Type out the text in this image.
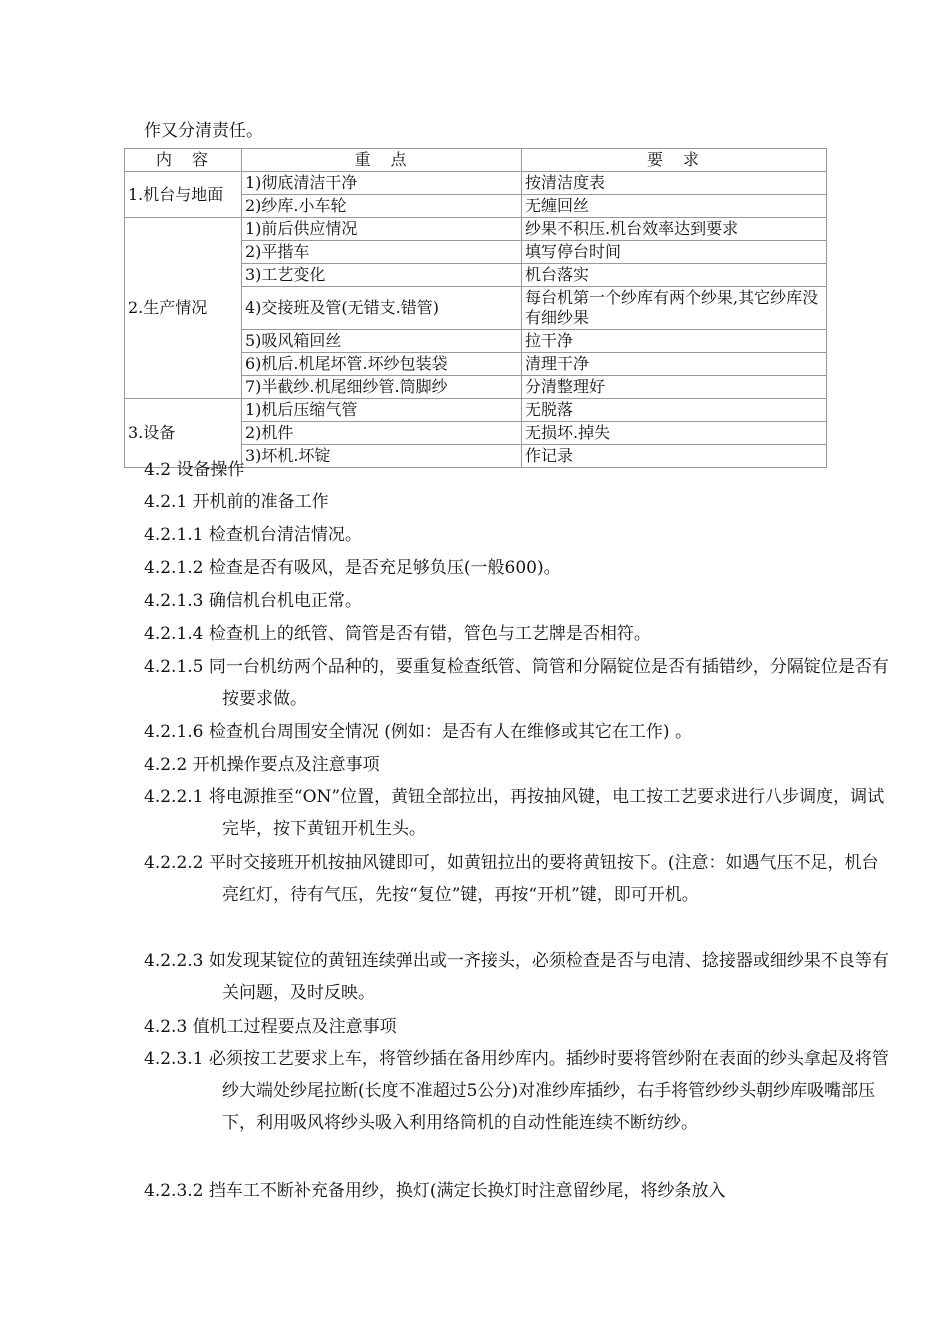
作又分清责任。
内　容	重　点	要　求
1.机台与地面	1)彻底清洁干净	按清洁度表
	2)纱库.小车轮	无缠回丝
2.生产情况	1)前后供应情况	纱果不积压.机台效率达到要求
	2)平揩车	填写停台时间
	3)工艺变化	机台落实
	4)交接班及管(无错支.错管)	每台机第一个纱库有两个纱果,其它纱库没有细纱果
	5)吸风箱回丝	拉干净
	6)机后.机尾坏管.坏纱包装袋	清理干净
	7)半截纱.机尾细纱管.筒脚纱	分清整理好
3.设备	1)机后压缩气管	无脱落
	2)机件	无损坏.掉失
	3)坏机.坏锭	作记录
4.2 设备操作
4.2.1 开机前的准备工作
4.2.1.1 检查机台清洁情况。
4.2.1.2 检查是否有吸风，是否充足够负压(一般600)。
4.2.1.3 确信机台机电正常。
4.2.1.4 检查机上的纸管、筒管是否有错，管色与工艺牌是否相符。
4.2.1.5 同一台机纺两个品种的，要重复检查纸管、筒管和分隔锭位是否有插错纱，分隔锭位是否有按要求做。
4.2.1.6 检查机台周围安全情况 (例如：是否有人在维修或其它在工作) 。
4.2.2 开机操作要点及注意事项
4.2.2.1 将电源推至“ON”位置，黄钮全部拉出，再按抽风键，电工按工艺要求进行八步调度，调试完毕，按下黄钮开机生头。
4.2.2.2 平时交接班开机按抽风键即可，如黄钮拉出的要将黄钮按下。(注意：如遇气压不足，机台亮红灯，待有气压，先按“复位”键，再按“开机”键，即可开机。
4.2.2.3 如发现某锭位的黄钮连续弹出或一齐接头，必须检查是否与电清、捻接器或细纱果不良等有关问题，及时反映。
4.2.3 值机工过程要点及注意事项
4.2.3.1 必须按工艺要求上车，将管纱插在备用纱库内。插纱时要将管纱附在表面的纱头拿起及将管纱大端处纱尾拉断(长度不准超过5公分)对准纱库插纱，右手将管纱纱头朝纱库吸嘴部压下，利用吸风将纱头吸入利用络筒机的自动性能连续不断纺纱。
4.2.3.2 挡车工不断补充备用纱，换灯(满定长换灯时注意留纱尾，将纱条放入
